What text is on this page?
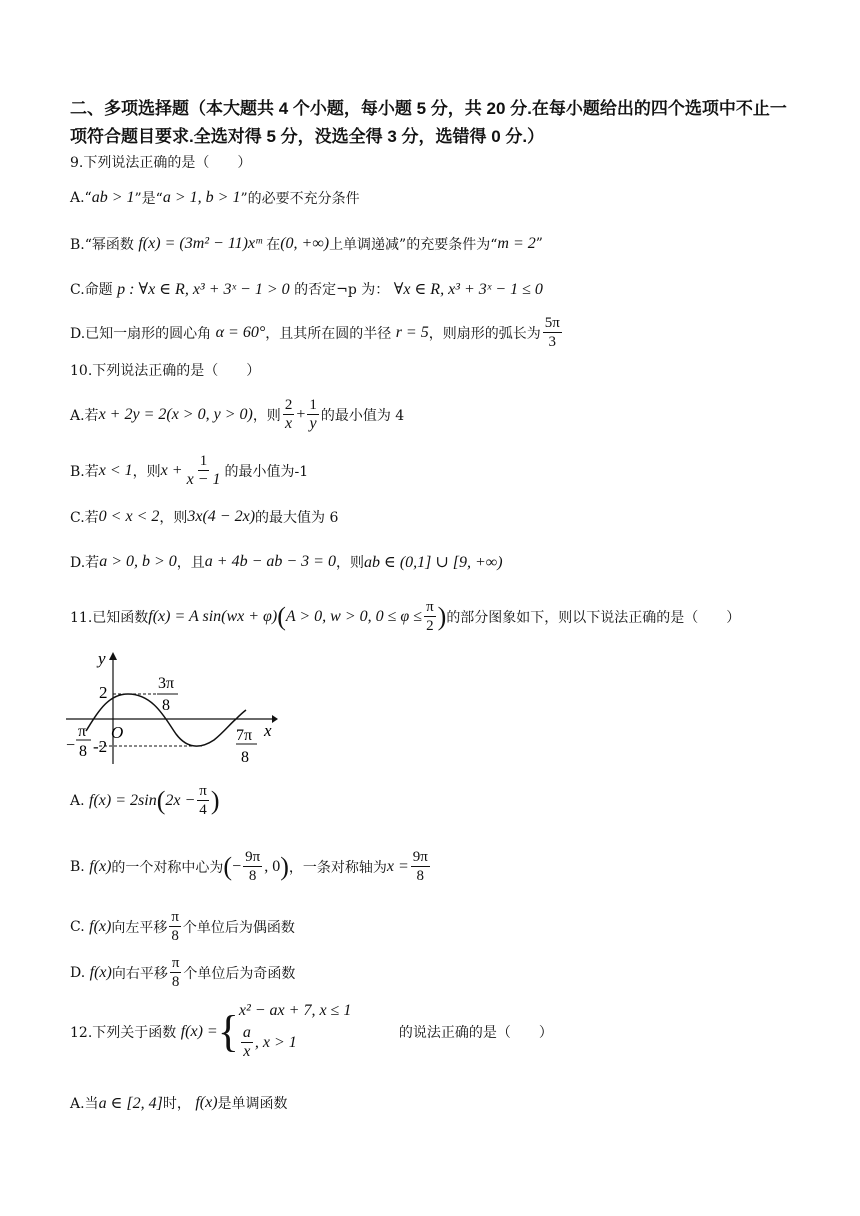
二、多项选择题（本大题共 4 个小题，每小题 5 分，共 20 分.在每小题给出的四个选项中不止一项符合题目要求.全选对得 5 分，没选全得 3 分，选错得 0 分.）
9.下列说法正确的是（　　）
A.“ ab > 1 ”是“ a > 1, b > 1 ”的必要不充分条件
B.“幂函数
f(x) = (3m² − 11)xᵐ
在 (0, +∞) 上单调递减”的充要条件为“ m = 2 ”
C.命题
p : ∀x ∈ R, x³ + 3ˣ − 1 > 0
的否定¬p 为：
∀x ∈ R, x³ + 3ˣ − 1 ≤ 0
D.已知一扇形的圆心角
α = 60° ，且其所在圆的半径
r = 5 ，则扇形的弧长为 $\frac{5\pi}{3}$
10.下列说法正确的是（　　）
A.若 x + 2y = 2(x > 0, y > 0) ，则 $\frac{2}{x} + \frac{1}{y}$ 的最小值为 4
B.若 x < 1 ，则 $x + \frac{1}{x - 1}$ 的最小值为-1
C.若 0 < x < 2 ，则 3x(4 − 2x) 的最大值为 6
D.若 a > 0, b > 0 ，且 a + 4b − ab − 3 = 0 ，则 ab ∈ (0,1] ∪ [9, +∞)
11.已知函数 f(x) = A sin(wx + φ) ( A > 0, w > 0, $0 \le \varphi \le \frac{\pi}{2}$ ) 的部分图象如下，则以下说法正确的是（　　）
y
x
O
2
-2
3π
8
7π
8
−
π
8
A.
f(x) = 2sin ( $2x - \frac{\pi}{4}$ )
B.
f(x) 的一个对称中心为 ( − $\frac{9\pi}{8}$ , 0 ) ，一条对称轴为 $x = \frac{9\pi}{8}$
C.
f(x) 向左平移 $\frac{\pi}{8}$ 个单位后为偶函数
D.
f(x) 向右平移 $\frac{\pi}{8}$ 个单位后为奇函数
12.下列关于函数
f(x) = { x² − ax + 7, x ≤ 1
$\frac{a}{x}$ , x > 1
的说法正确的是（　　）
A.当 a ∈ [2, 4] 时，
f(x) 是单调函数
